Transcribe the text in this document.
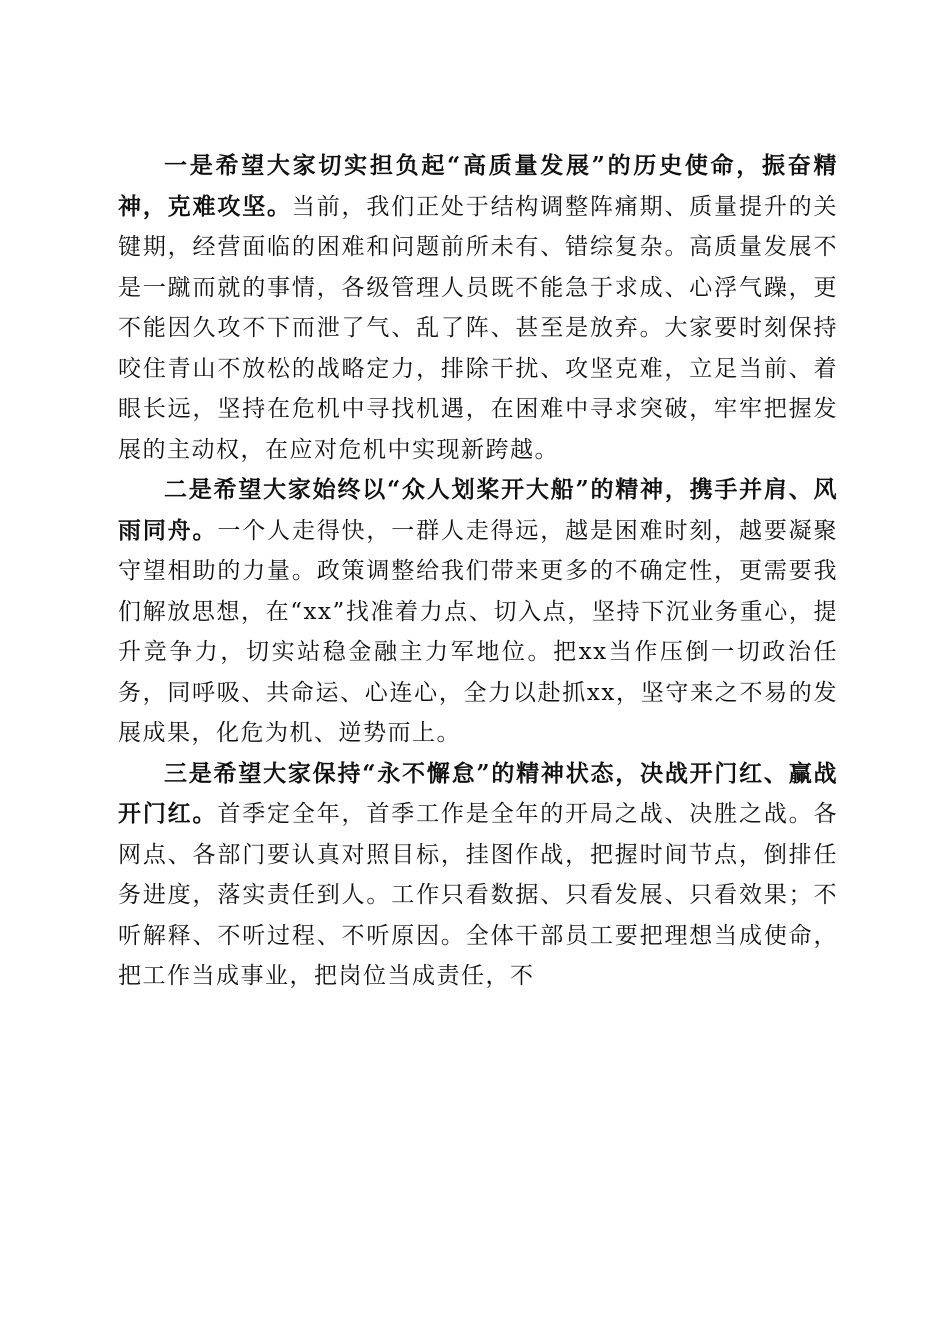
一是希望大家切实担负起“高质量发展”的历史使命，振奋精神，克难攻坚。当前，我们正处于结构调整阵痛期、质量提升的关键期，经营面临的困难和问题前所未有、错综复杂。高质量发展不是一蹴而就的事情，各级管理人员既不能急于求成、心浮气躁，更不能因久攻不下而泄了气、乱了阵、甚至是放弃。大家要时刻保持咬住青山不放松的战略定力，排除干扰、攻坚克难，立足当前、着眼长远，坚持在危机中寻找机遇，在困难中寻求突破，牢牢把握发展的主动权，在应对危机中实现新跨越。

二是希望大家始终以“众人划桨开大船”的精神，携手并肩、风雨同舟。一个人走得快，一群人走得远，越是困难时刻，越要凝聚守望相助的力量。政策调整给我们带来更多的不确定性，更需要我们解放思想，在“xx”找准着力点、切入点，坚持下沉业务重心，提升竞争力，切实站稳金融主力军地位。把xx当作压倒一切政治任务，同呼吸、共命运、心连心，全力以赴抓xx，坚守来之不易的发展成果，化危为机、逆势而上。

三是希望大家保持“永不懈怠”的精神状态，决战开门红、赢战开门红。首季定全年，首季工作是全年的开局之战、决胜之战。各网点、各部门要认真对照目标，挂图作战，把握时间节点，倒排任务进度，落实责任到人。工作只看数据、只看发展、只看效果；不听解释、不听过程、不听原因。全体干部员工要把理想当成使命，把工作当成事业，把岗位当成责任，不
